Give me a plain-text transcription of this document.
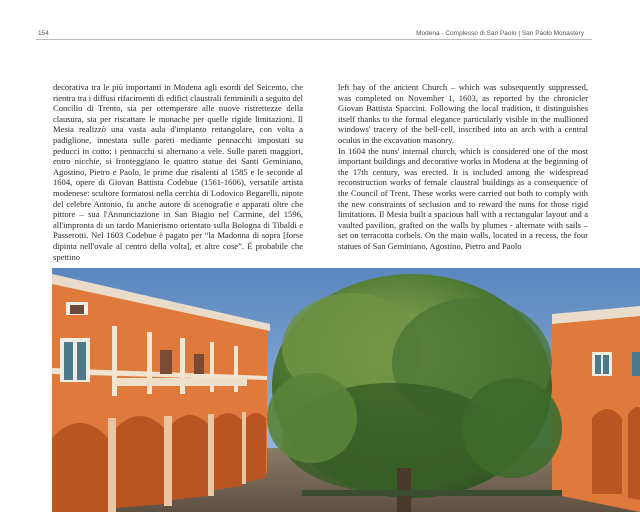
154	Modena - Complesso di San Paolo | San Paolo Monastery

decorativa tra le più importanti in Modena agli esordi del Seicento, che rientra tra i diffusi rifacimenti di edifici claustrali femminili a seguito del Concilio di Trento, sia per ottemperare alle nuove ristrettezze della clausura, sia per riscattare le monache per quelle rigide limitazioni. Il Mesia realizzò una vasta aula d'impianto rettangolare, con volta a padiglione, innestata sulle pareti mediante pennacchi impostati su peducci in cotto; i pennacchi si alternano a vele. Sulle pareti maggiori, entro nicchie, si fronteggiano le quattro statue dei Santi Geminiano, Agostino, Pietro e Paolo, le prime due risalenti al 1585 e le seconde al 1604, opere di Giovan Battista Codebue (1561-1606), versatile artista modenese: scultore formatosi nella cerchia di Lodovico Begarelli, nipote del celebre Antonio, fu anche autore di scenografie e apparati oltre che pittore – sua l'Annunciazione in San Biagio nel Carmine, del 1596, all'impronta di un tardo Manierismo orientato sulla Bologna di Tibaldi e Passerotti. Nel 1603 Codebue è pagato per “la Madonna di sopra [forse dipinta nell'ovale al centro della volta], et altre cose”. È probabile che spettino

left bay of the ancient Church – which was subsequently suppressed, was completed on November 1, 1603, as reported by the chronicler Giovan Battista Spaccini. Following the local tradition, it distinguishes itself thanks to the formal elegance particularly visible in the mullioned windows' tracery of the bell-cell, inscribed into an arch with a central oculus in the excavation masonry.

In 1604 the nuns' internal church, which is considered one of the most important buildings and decorative works in Modena at the beginning of the 17th century, was erected. It is included among the widespread reconstruction works of female claustral buildings as a consequence of the Council of Trent. These works were carried out both to comply with the new constraints of seclusion and to reward the nuns for those rigid limitations. Il Mesia built a spacious hall with a rectangular layout and a vaulted pavilion, grafted on the walls by plumes - alternate with sails – set on terracotta corbels. On the main walls, located in a recess, the four statues of San Geminiano, Agostino, Pietro and Paolo
